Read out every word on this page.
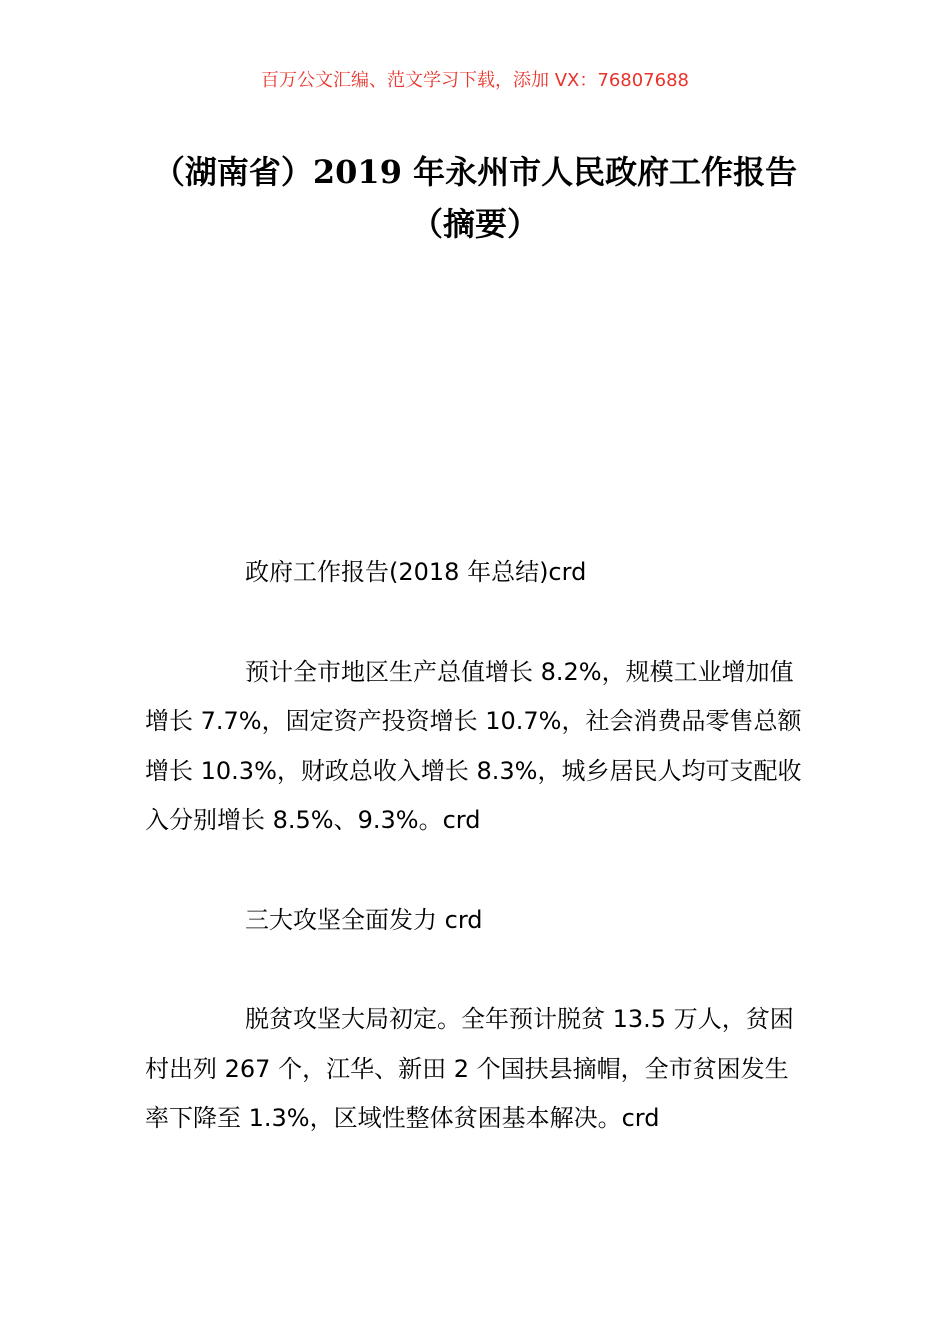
百万公文汇编、范文学习下载，添加 VX：76807688
（湖南省）2019 年永州市人民政府工作报告（摘要）

政府工作报告(2018 年总结)crd

预计全市地区生产总值增长 8.2%，规模工业增加值增长 7.7%，固定资产投资增长 10.7%，社会消费品零售总额增长 10.3%，财政总收入增长 8.3%，城乡居民人均可支配收入分别增长 8.5%、9.3%。crd

三大攻坚全面发力 crd

脱贫攻坚大局初定。全年预计脱贫 13.5 万人，贫困村出列 267 个，江华、新田 2 个国扶县摘帽，全市贫困发生率下降至 1.3%，区域性整体贫困基本解决。crd
